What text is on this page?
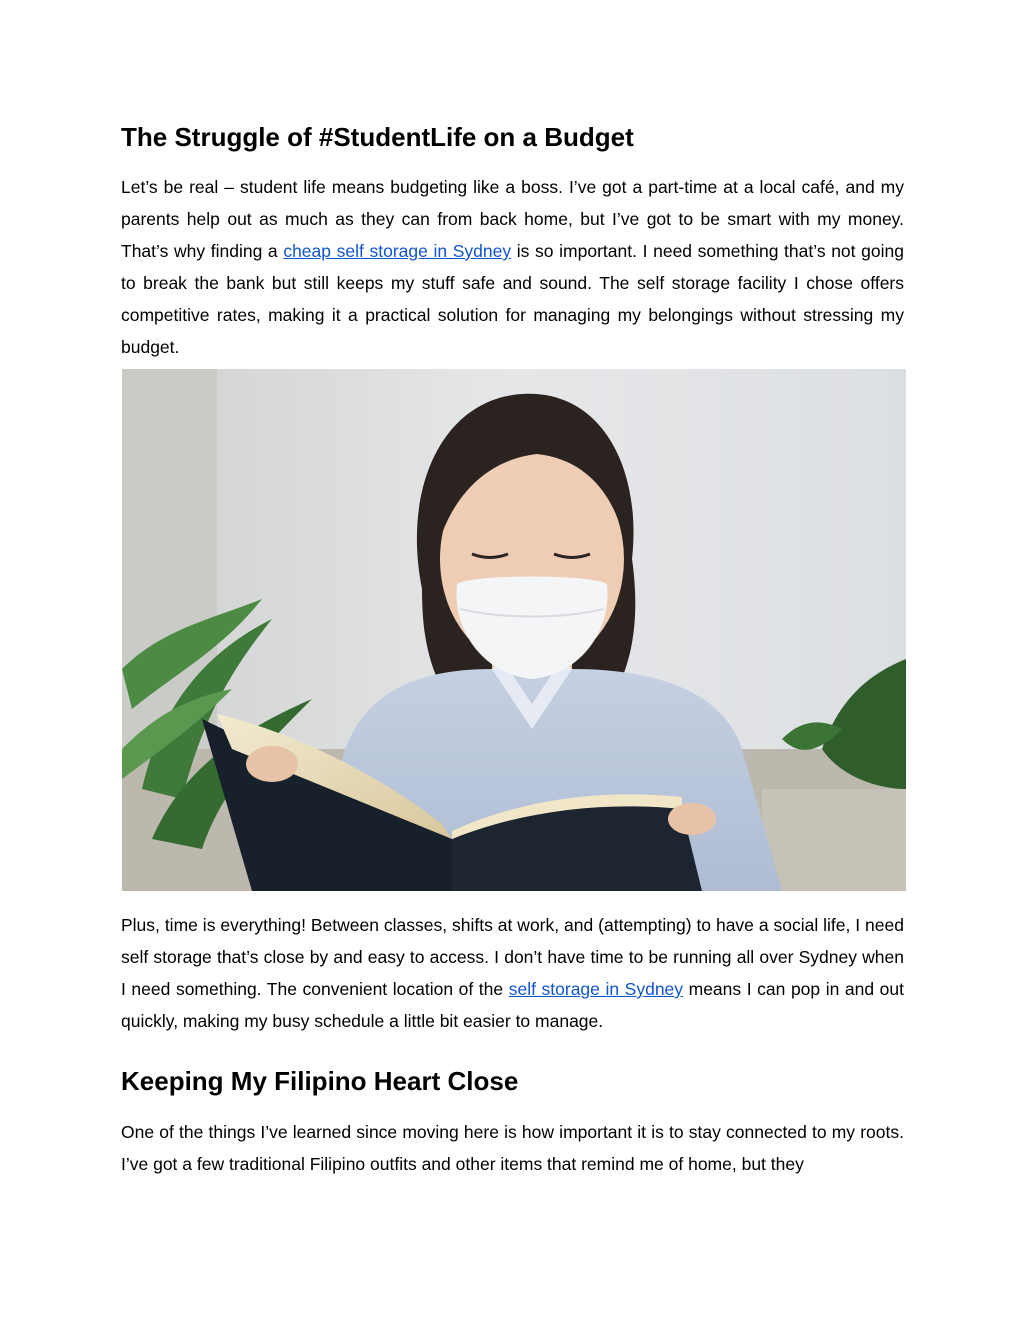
The Struggle of #StudentLife on a Budget

Let’s be real – student life means budgeting like a boss. I’ve got a part-time at a local café, and my parents help out as much as they can from back home, but I’ve got to be smart with my money. That’s why finding a cheap self storage in Sydney is so important. I need something that’s not going to break the bank but still keeps my stuff safe and sound. The self storage facility I chose offers competitive rates, making it a practical solution for managing my belongings without stressing my budget.

Plus, time is everything! Between classes, shifts at work, and (attempting) to have a social life, I need self storage that’s close by and easy to access. I don’t have time to be running all over Sydney when I need something. The convenient location of the self storage in Sydney means I can pop in and out quickly, making my busy schedule a little bit easier to manage.

Keeping My Filipino Heart Close

One of the things I’ve learned since moving here is how important it is to stay connected to my roots. I’ve got a few traditional Filipino outfits and other items that remind me of home, but they
